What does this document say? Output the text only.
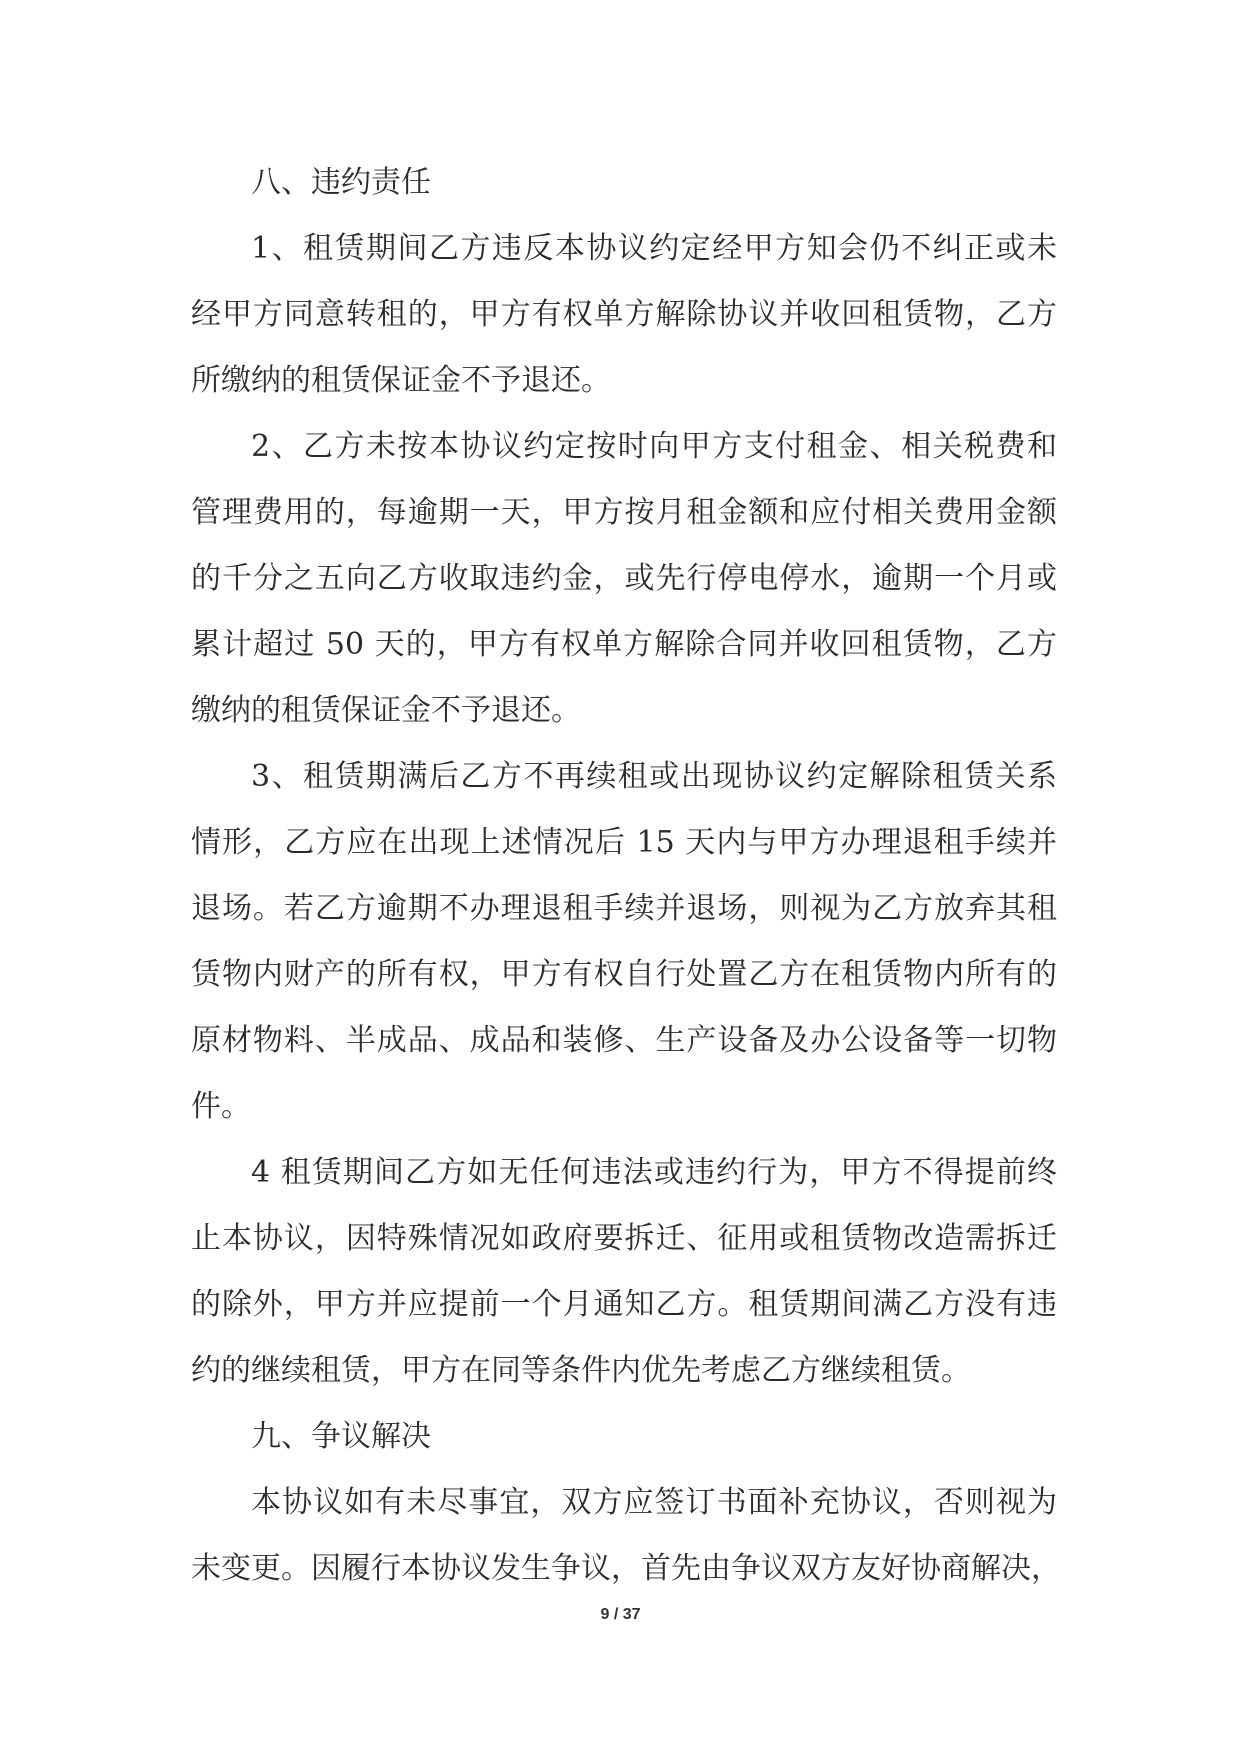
八、违约责任
1、租赁期间乙方违反本协议约定经甲方知会仍不纠正或未
经甲方同意转租的，甲方有权单方解除协议并收回租赁物，乙方
所缴纳的租赁保证金不予退还。
2、乙方未按本协议约定按时向甲方支付租金、相关税费和
管理费用的，每逾期一天，甲方按月租金额和应付相关费用金额
的千分之五向乙方收取违约金，或先行停电停水，逾期一个月或
累计超过 50 天的，甲方有权单方解除合同并收回租赁物，乙方
缴纳的租赁保证金不予退还。
3、租赁期满后乙方不再续租或出现协议约定解除租赁关系
情形，乙方应在出现上述情况后 15 天内与甲方办理退租手续并
退场。若乙方逾期不办理退租手续并退场，则视为乙方放弃其租
赁物内财产的所有权，甲方有权自行处置乙方在租赁物内所有的
原材物料、半成品、成品和装修、生产设备及办公设备等一切物
件。
4 租赁期间乙方如无任何违法或违约行为，甲方不得提前终
止本协议，因特殊情况如政府要拆迁、征用或租赁物改造需拆迁
的除外，甲方并应提前一个月通知乙方。租赁期间满乙方没有违
约的继续租赁，甲方在同等条件内优先考虑乙方继续租赁。
九、争议解决
本协议如有未尽事宜，双方应签订书面补充协议，否则视为
未变更。因履行本协议发生争议，首先由争议双方友好协商解决，
9 / 37
